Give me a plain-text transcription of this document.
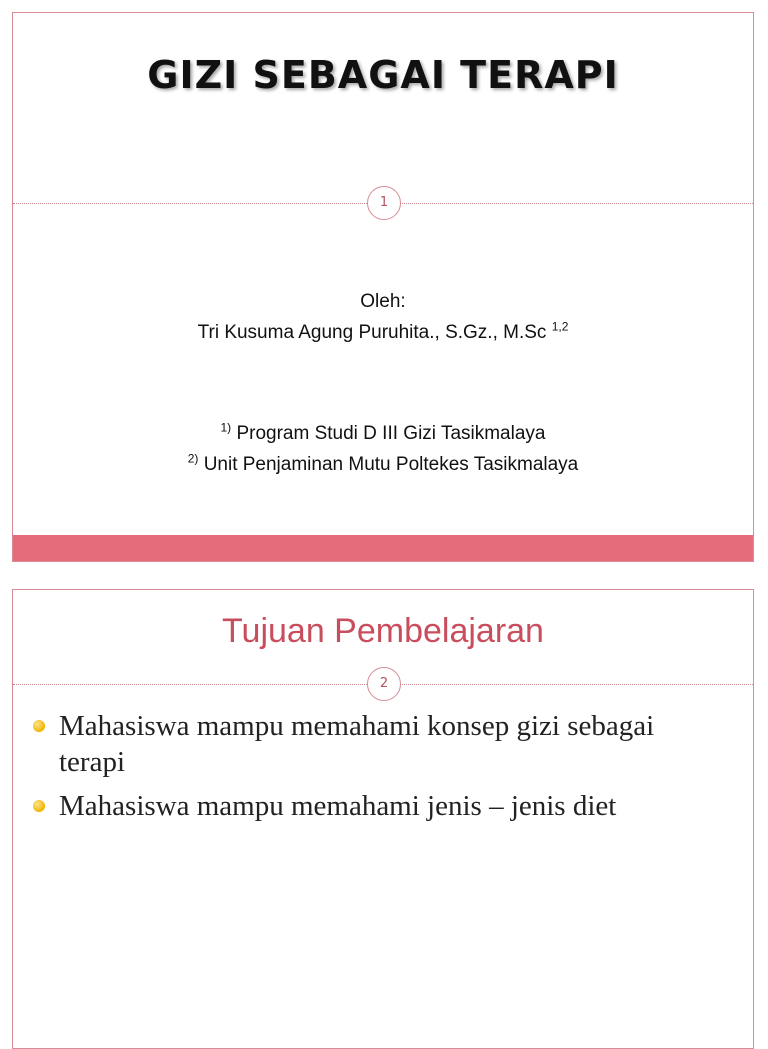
GIZI SEBAGAI TERAPI
1
Oleh:
Tri Kusuma Agung Puruhita., S.Gz., M.Sc $^{1,2}$
$^{1)}$ Program Studi D III Gizi Tasikmalaya
$^{2)}$ Unit Penjaminan Mutu Poltekes Tasikmalaya
Tujuan Pembelajaran
2
Mahasiswa mampu memahami konsep gizi sebagai terapi
Mahasiswa mampu memahami jenis – jenis diet
